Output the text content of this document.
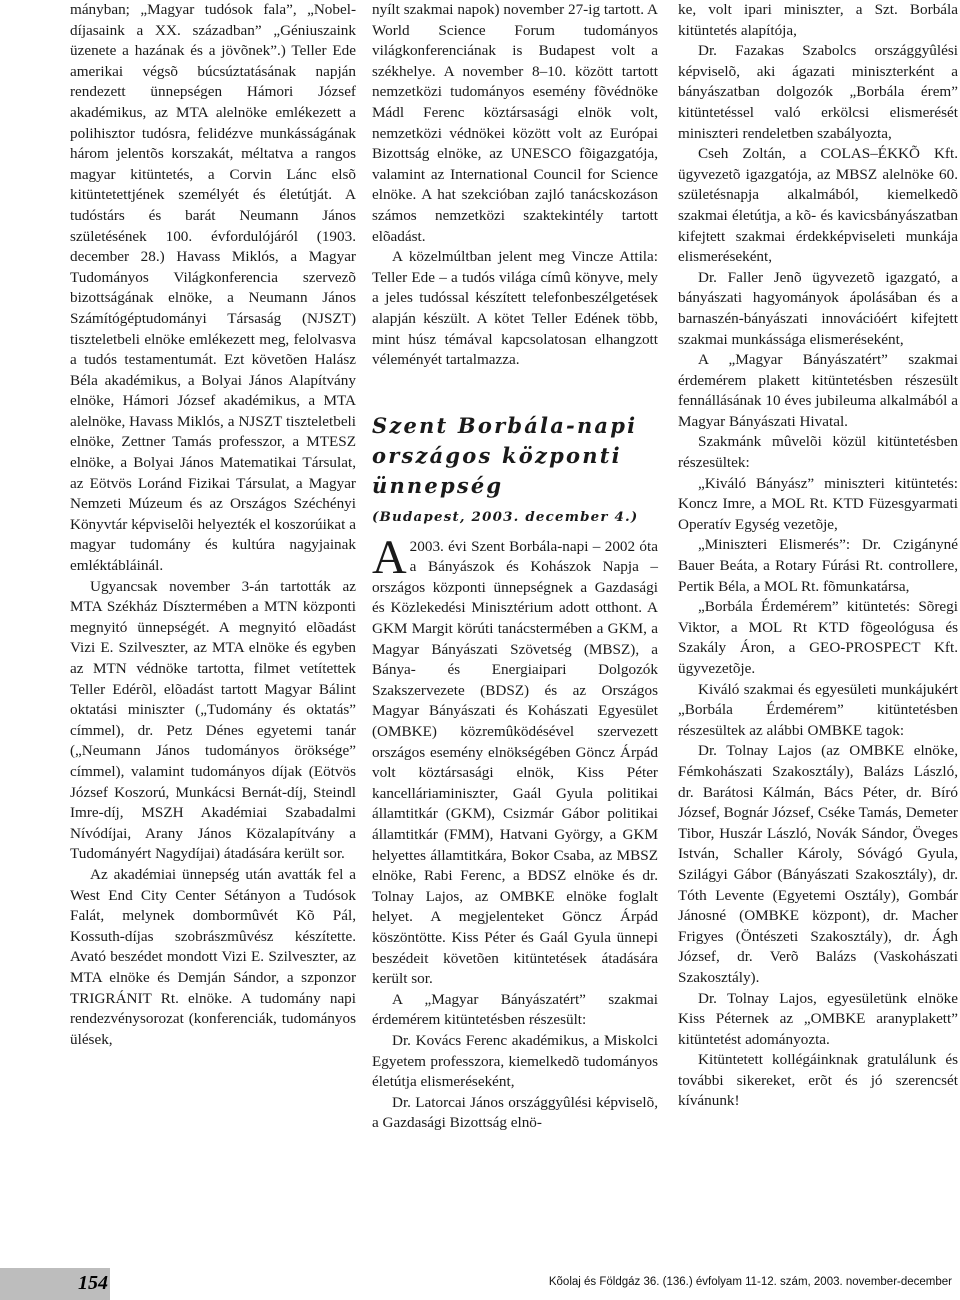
mányban; „Magyar tudósok fala”, „Nobel-díjasaink a XX. században” „Géniuszaink üzenete a hazának és a jövõnek”.) Teller Ede amerikai végsõ búcsúztatásának napján rendezett ünnepségen Hámori József akadémikus, az MTA alelnöke emlékezett a polihisztor tudósra, felidézve munkásságának három jelentõs korszakát, méltatva a rangos magyar kitüntetés, a Corvin Lánc elsõ kitüntetettjének személyét és életútját. A tudóstárs és barát Neumann János születésének 100. évfordulójáról (1903. december 28.) Havass Miklós, a Magyar Tudományos Világkonferencia szervezõ bizottságának elnöke, a Neumann János Számítógéptudományi Társaság (NJSZT) tiszteletbeli elnöke emlékezett meg, felolvasva a tudós testamentumát. Ezt követõen Halász Béla akadémikus, a Bolyai János Alapítvány elnöke, Hámori József akadémikus, a MTA alelnöke, Havass Miklós, a NJSZT tiszteletbeli elnöke, Zettner Tamás professzor, a MTESZ elnöke, a Bolyai János Matematikai Társulat, az Eötvös Loránd Fizikai Társulat, a Magyar Nemzeti Múzeum és az Országos Széchényi Könyvtár képviselõi helyezték el koszorúikat a magyar tudomány és kultúra nagyjainak emléktábláinál.

Ugyancsak november 3-án tartották az MTA Székház Dísztermében a MTN központi megnyitó ünnepségét. A megnyitó elõadást Vizi E. Szilveszter, az MTA elnöke és egyben az MTN védnöke tartotta, filmet vetítettek Teller Edérõl, elõadást tartott Magyar Bálint oktatási miniszter („Tudomány és oktatás” címmel), dr. Petz Dénes egyetemi tanár („Neumann János tudományos öröksége” címmel), valamint tudományos díjak (Eötvös József Koszorú, Munkácsi Bernát-díj, Steindl Imre-díj, MSZH Akadémiai Szabadalmi Nívódíjai, Arany János Közalapítvány a Tudományért Nagydíjai) átadására került sor.

Az akadémiai ünnepség után avatták fel a West End City Center Sétányon a Tudósok Falát, melynek dombormûvét Kõ Pál, Kossuth-díjas szobrászmûvész készítette. Avató beszédet mondott Vizi E. Szilveszter, az MTA elnöke és Demján Sándor, a szponzor TRIGRÁNIT Rt. elnöke. A tudomány napi rendezvénysorozat (konferenciák, tudományos ülések,

nyílt szakmai napok) november 27-ig tartott. A World Science Forum tudományos világkonferenciának is Budapest volt a székhelye. A november 8–10. között tartott nemzetközi tudományos esemény fõvédnöke Mádl Ferenc köztársasági elnök volt, nemzetközi védnökei között volt az Európai Bizottság elnöke, az UNESCO fõigazgatója, valamint az International Council for Science elnöke. A hat szekcióban zajló tanácskozáson számos nemzetközi szaktekintély tartott elõadást.

A közelmúltban jelent meg Vincze Attila: Teller Ede – a tudós világa címû könyve, mely a jeles tudóssal készített telefonbeszélgetések alapján készült. A kötet Teller Edének több, mint húsz témával kapcsolatosan elhangzott véleményét tartalmazza.

Szent Borbála-napi országos központi ünnepség
(Budapest, 2003. december 4.)

A 2003. évi Szent Borbála-napi – 2002 óta a Bányászok és Kohászok Napja – országos központi ünnepségnek a Gazdasági és Közlekedési Minisztérium adott otthont. A GKM Margit körúti tanácstermében a GKM, a Magyar Bányászati Szövetség (MBSZ), a Bánya- és Energiaipari Dolgozók Szakszervezete (BDSZ) és az Országos Magyar Bányászati és Kohászati Egyesület (OMBKE) közremûködésével szervezett országos esemény elnökségében Göncz Árpád volt köztársasági elnök, Kiss Péter kancelláriaminiszter, Gaál Gyula politikai államtitkár (GKM), Csizmár Gábor politikai államtitkár (FMM), Hatvani György, a GKM helyettes államtitkára, Bokor Csaba, az MBSZ elnöke, Rabi Ferenc, a BDSZ elnöke és dr. Tolnay Lajos, az OMBKE elnöke foglalt helyet. A megjelenteket Göncz Árpád köszöntötte. Kiss Péter és Gaál Gyula ünnepi beszédeit követõen kitüntetések átadására került sor.

A „Magyar Bányászatért” szakmai érdemérem kitüntetésben részesült:

Dr. Kovács Ferenc akadémikus, a Miskolci Egyetem professzora, kiemelkedõ tudományos életútja elismeréseként,

Dr. Latorcai János országgyûlési képviselõ, a Gazdasági Bizottság elnö-

ke, volt ipari miniszter, a Szt. Borbála kitüntetés alapítója,

Dr. Fazakas Szabolcs országgyûlési képviselõ, aki ágazati miniszterként a bányászatban dolgozók „Borbála érem” kitüntetéssel való erkölcsi elismerését miniszteri rendeletben szabályozta,

Cseh Zoltán, a COLAS–ÉKKÕ Kft. ügyvezetõ igazgatója, az MBSZ alelnöke 60. születésnapja alkalmából, kiemelkedõ szakmai életútja, a kõ- és kavicsbányászatban kifejtett szakmai érdekképviseleti munkája elismeréseként,

Dr. Faller Jenõ ügyvezetõ igazgató, a bányászati hagyományok ápolásában és a barnaszén-bányászati innovációért kifejtett szakmai munkássága elismeréseként,

A „Magyar Bányászatért” szakmai érdemérem plakett kitüntetésben részesült fennállásának 10 éves jubileuma alkalmából a Magyar Bányászati Hivatal.

Szakmánk mûvelõi közül kitüntetésben részesültek:

„Kiváló Bányász” miniszteri kitüntetés: Koncz Imre, a MOL Rt. KTD Füzesgyarmati Operatív Egység vezetõje,

„Miniszteri Elismerés”: Dr. Czigányné Bauer Beáta, a Rotary Fúrási Rt. controllere, Pertik Béla, a MOL Rt. fõmunkatársa,

„Borbála Érdemérem” kitüntetés: Sõregi Viktor, a MOL Rt KTD fõgeológusa és Szakály Áron, a GEO-PROSPECT Kft. ügyvezetõje.

Kiváló szakmai és egyesületi munkájukért „Borbála Érdemérem” kitüntetésben részesültek az alábbi OMBKE tagok:

Dr. Tolnay Lajos (az OMBKE elnöke, Fémkohászati Szakosztály), Balázs László, dr. Barátosi Kálmán, Bács Péter, dr. Bíró József, Bognár József, Cséke Tamás, Demeter Tibor, Huszár László, Novák Sándor, Öveges István, Schaller Károly, Sóvágó Gyula, Szilágyi Gábor (Bányászati Szakosztály), dr. Tóth Levente (Egyetemi Osztály), Gombár Jánosné (OMBKE központ), dr. Macher Frigyes (Öntészeti Szakosztály), dr. Ágh József, dr. Verõ Balázs (Vaskohászati Szakosztály).

Dr. Tolnay Lajos, egyesületünk elnöke Kiss Péternek az „OMBKE aranyplakett” kitüntetést adományozta.

Kitüntetett kollégáinknak gratulálunk és további sikereket, erõt és jó szerencsét kívánunk!

154	Kõolaj és Földgáz 36. (136.) évfolyam 11-12. szám, 2003. november-december
